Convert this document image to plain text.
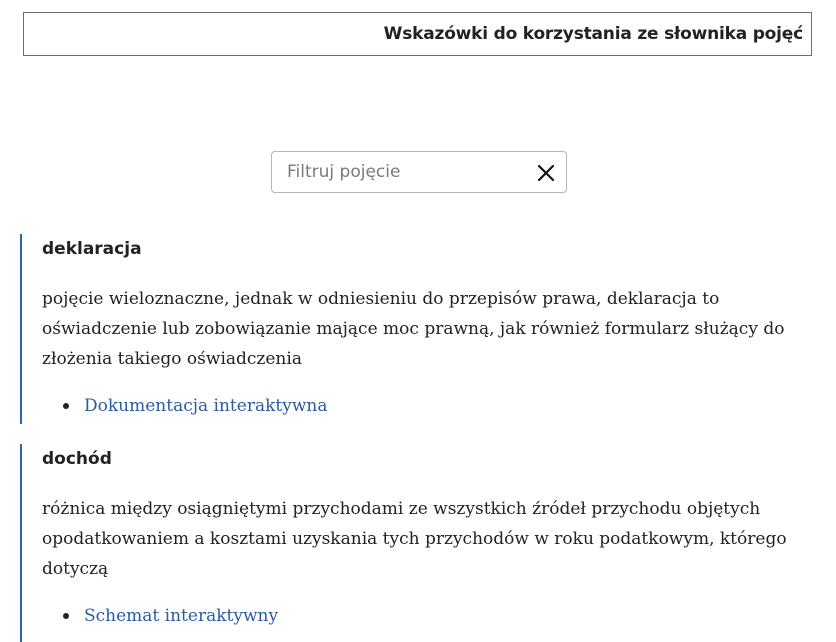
Wskazówki do korzystania ze słownika pojęć
Filtruj pojęcie
deklaracja
pojęcie wieloznaczne, jednak w odniesieniu do przepisów prawa, deklaracja to oświadczenie lub zobowiązanie mające moc prawną, jak również formularz służący do złożenia takiego oświadczenia
Dokumentacja interaktywna
dochód
różnica między osiągniętymi przychodami ze wszystkich źródeł przychodu objętych opodatkowaniem a kosztami uzyskania tych przychodów w roku podatkowym, którego dotyczą
Schemat interaktywny
